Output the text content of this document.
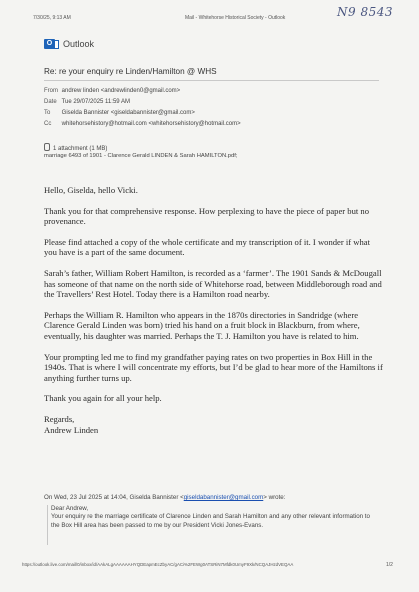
7/30/25, 9:13 AM	Mail - Whitehorse Historical Society - Outlook	N9 8543
O	Outlook
Re: re your enquiry re Linden/Hamilton @ WHS
From andrew linden <andrewlinden0@gmail.com>
Date Tue 29/07/2025 11:59 AM
To Giselda Bannister <giseldabannister@gmail.com>
Cc whitehorsehistory@hotmail.com <whitehorsehistory@hotmail.com>
1 attachment (1 MB)
marriage 6493 of 1901 - Clarence Gerald LINDEN & Sarah HAMILTON.pdf;

Hello, Giselda, hello Vicki.

Thank you for that comprehensive response. How perplexing to have the piece of paper but no provenance.

Please find attached a copy of the whole certificate and my transcription of it. I wonder if what you have is a part of the same document.

Sarah’s father, William Robert Hamilton, is recorded as a ‘farmer’. The 1901 Sands & McDougall has someone of that name on the north side of Whitehorse road, between Middleborough road and the Travellers’ Rest Hotel. Today there is a Hamilton road nearby.

Perhaps the William R. Hamilton who appears in the 1870s directories in Sandridge (where Clarence Gerald Linden was born) tried his hand on a fruit block in Blackburn, from where, eventually, his daughter was married. Perhaps the T. J. Hamilton you have is related to him.

Your prompting led me to find my grandfather paying rates on two properties in Box Hill in the 1940s. That is where I will concentrate my efforts, but I’d be glad to hear more of the Hamiltons if anything further turns up.

Thank you again for all your help.

Regards,

Andrew Linden

On Wed, 23 Jul 2025 at 14:04, Giselda Bannister <giseldabannister@gmail.com> wrote:
Dear Andrew,
Your enquiry re the marriage certificate of Clarence Linden and Sarah Hamilton and any other relevant information to the Box Hill area has been passed to me by our President Vicki Jones-Evans.
https://outlook.live.com/mail/0/inbox/id/AAkALgAAAAAAHYQDEapmEcZbyAC/gACi%2FEWg0ATSRiN7Mfdk0UmyF9Xk/NCQAJHzdVEQAA	1/2
